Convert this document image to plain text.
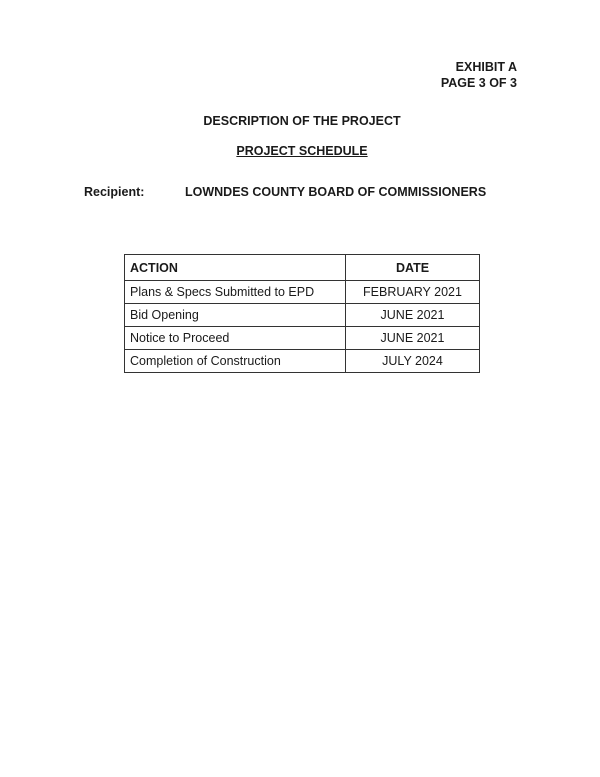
EXHIBIT A
PAGE 3 OF 3
DESCRIPTION OF THE PROJECT
PROJECT SCHEDULE
Recipient:	LOWNDES COUNTY BOARD OF COMMISSIONERS
ACTION	DATE
Plans & Specs Submitted to EPD	FEBRUARY 2021
Bid Opening	JUNE 2021
Notice to Proceed	JUNE 2021
Completion of Construction	JULY 2024
